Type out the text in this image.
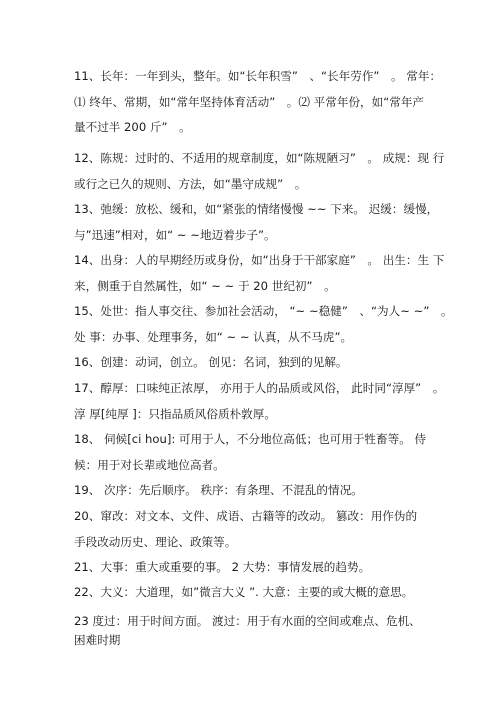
11、长年：一年到头，整年。如“长年积雪”　、“长年劳作”　。 常年：
⑴ 终年、常期，如“常年坚持体育活动”　。⑵ 平常年份，如“常年产
量不过半 200 斤”　。
12、陈规：过时的、不适用的规章制度，如“陈规陋习”　。 成规：现 行
或行之已久的规则、方法，如“墨守成规”　。
13、弛缓：放松、缓和，如“紧张的情绪慢慢 ~~ 下来。 迟缓：缓慢，
与”迅速”相对，如“ ~ ~地迈着步子”。
14、出身：人的早期经历或身份，如“出身于干部家庭”　。 出生：生 下
来，侧重于自然属性，如“ ~ ~ 于 20 世纪初”　。
15、处世：指人事交往、参加社会活动， “~ ~稳健”　、“为人~ ~”　。
处 事：办事、处理事务，如“ ~ ~ 认真，从不马虎”。
16、创建：动词，创立。 创见：名词，独到的见解。
17、醇厚：口味纯正浓厚， 亦用于人的品质或风俗， 此时同“淳厚”　。
淳 厚[纯厚 ]：只指品质风俗质朴敦厚。
18、 伺候[ci hou]: 可用于人，不分地位高低；也可用于牲畜等。 侍
候：用于对长辈或地位高者。
19、 次序：先后顺序。 秩序：有条理、不混乱的情况。
20、窜改：对文本、文件、成语、古籍等的改动。 篡改：用作伪的
手段改动历史、理论、政策等。
21、大事：重大或重要的事。 2 大势：事情发展的趋势。
22、大义：大道理，如”微言大义 ”. 大意：主要的或大概的意思。
23 度过：用于时间方面。 渡过：用于有水面的空间或难点、危机、
困难时期
